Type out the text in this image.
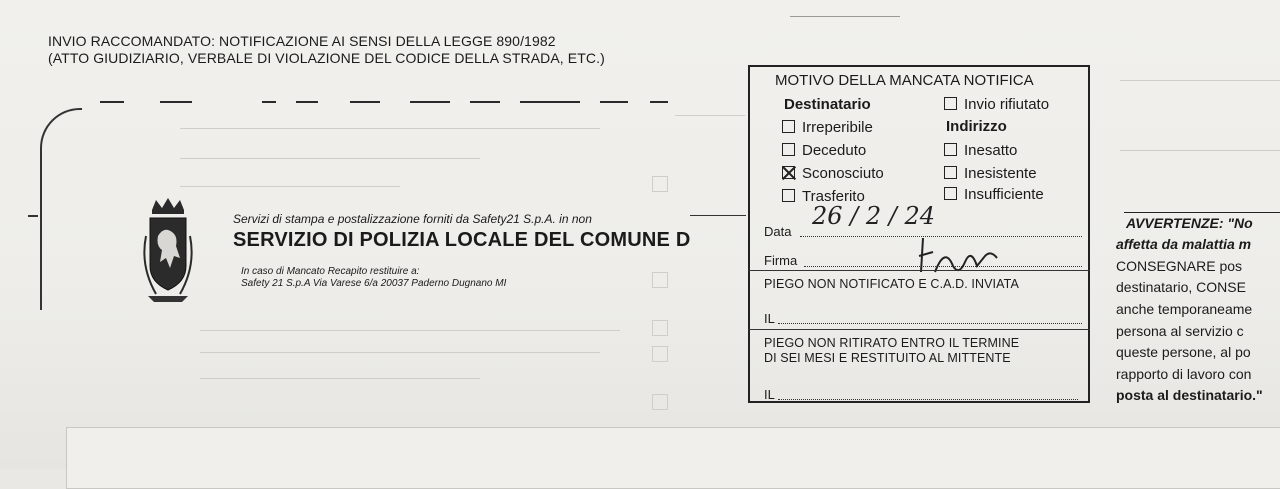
INVIO RACCOMANDATO: NOTIFICAZIONE AI SENSI DELLA LEGGE 890/1982
(ATTO GIUDIZIARIO, VERBALE DI VIOLAZIONE DEL CODICE DELLA STRADA, ETC.)
Servizi di stampa e postalizzazione forniti da Safety21 S.p.A. in non
SERVIZIO DI POLIZIA LOCALE DEL COMUNE D
In caso di Mancato Recapito restituire a:
Safety 21 S.p.A Via Varese 6/a 20037 Paderno Dugnano MI
MOTIVO DELLA MANCATA NOTIFICA
Destinatario
Indirizzo
Invio rifiutato
Irreperibile
Deceduto
Sconosciuto
Trasferito
Inesatto
Inesistente
Insufficiente
Data
26 / 2 / 24
Firma
PIEGO NON NOTIFICATO E C.A.D. INVIATA
IL
PIEGO NON RITIRATO ENTRO IL TERMINE
DI SEI MESI E RESTITUITO AL MITTENTE
IL
AVVERTENZE: "No
affetta da malattia m
CONSEGNARE pos
destinatario, CONSE
anche temporaneame
persona al servizio c
queste persone, al po
rapporto di lavoro con
posta al destinatario."
